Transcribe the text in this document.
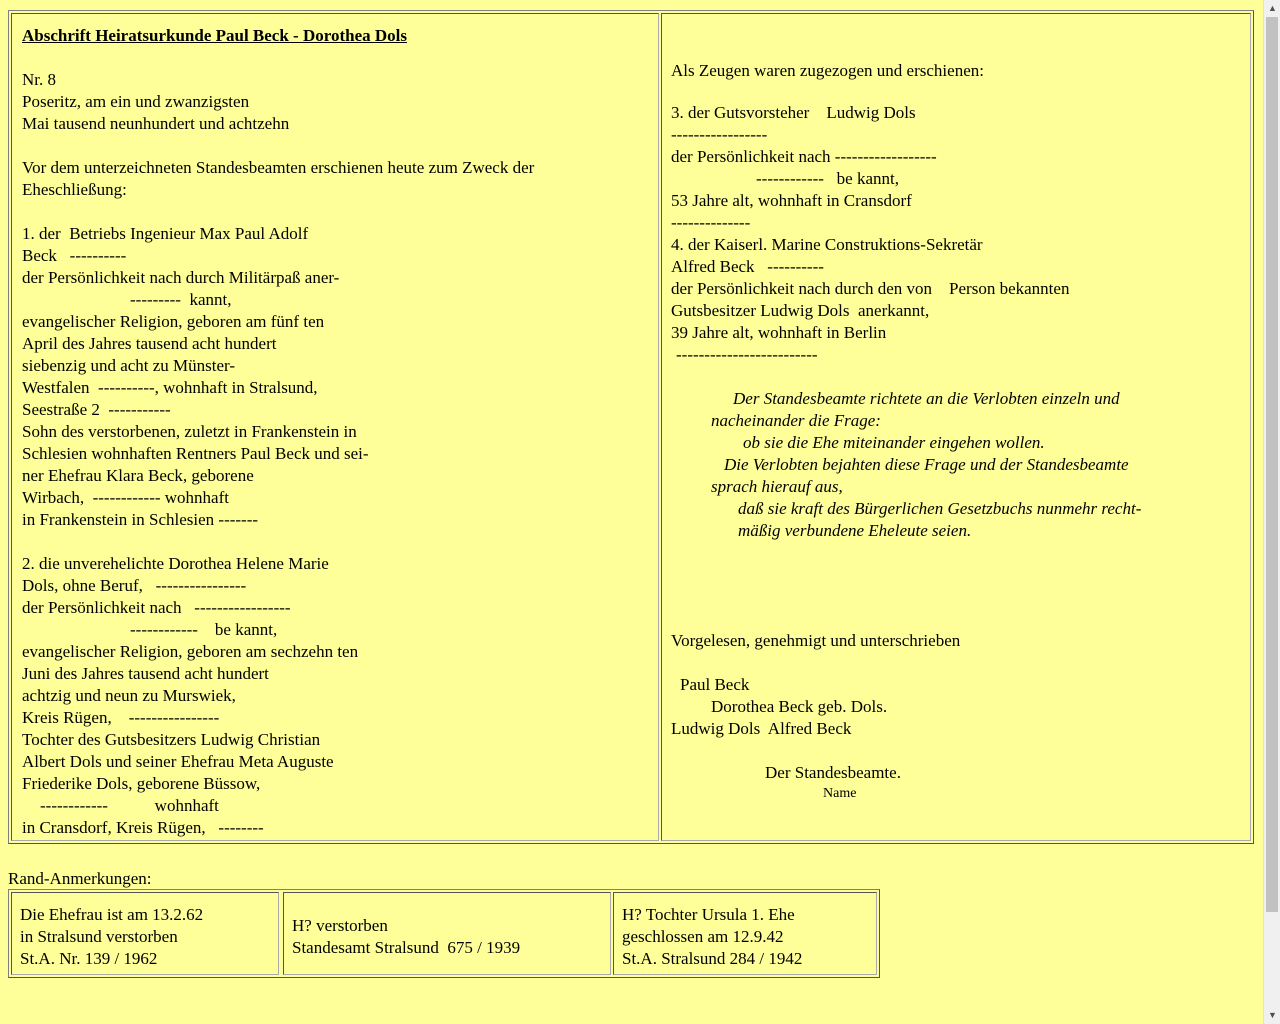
Abschrift Heiratsurkunde Paul Beck - Dorothea Dols
Nr. 8
Poseritz, am ein und zwanzigsten
Mai tausend neunhundert und achtzehn
Vor dem unterzeichneten Standesbeamten erschienen heute zum Zweck der
Eheschließung:
1. der  Betriebs Ingenieur Max Paul Adolf
Beck   ----------
der Persönlichkeit nach durch Militärpaß aner-
---------  kannt,
evangelischer Religion, geboren am fünf ten
April des Jahres tausend acht hundert
siebenzig und acht zu Münster-
Westfalen  ----------, wohnhaft in Stralsund,
Seestraße 2  -----------
Sohn des verstorbenen, zuletzt in Frankenstein in
Schlesien wohnhaften Rentners Paul Beck und sei-
ner Ehefrau Klara Beck, geborene
Wirbach,  ------------ wohnhaft
in Frankenstein in Schlesien -------
2. die unverehelichte Dorothea Helene Marie
Dols, ohne Beruf,   ----------------
der Persönlichkeit nach   -----------------
------------    be kannt,
evangelischer Religion, geboren am sechzehn ten
Juni des Jahres tausend acht hundert
achtzig und neun zu Murswiek,
Kreis Rügen,    ----------------
Tochter des Gutsbesitzers Ludwig Christian
Albert Dols und seiner Ehefrau Meta Auguste
Friederike Dols, geborene Büssow,
------------           wohnhaft
in Cransdorf, Kreis Rügen,   --------
Als Zeugen waren zugezogen und erschienen:
3. der Gutsvorsteher    Ludwig Dols
-----------------
der Persönlichkeit nach ------------------
------------   be kannt,
53 Jahre alt, wohnhaft in Cransdorf
--------------
4. der Kaiserl. Marine Construktions-Sekretär
Alfred Beck   ----------
der Persönlichkeit nach durch den von    Person bekannten
Gutsbesitzer Ludwig Dols  anerkannt,
39 Jahre alt, wohnhaft in Berlin
-------------------------
Der Standesbeamte richtete an die Verlobten einzeln und
nacheinander die Frage:
ob sie die Ehe miteinander eingehen wollen.
Die Verlobten bejahten diese Frage und der Standesbeamte
sprach hierauf aus,
daß sie kraft des Bürgerlichen Gesetzbuchs nunmehr recht-
mäßig verbundene Eheleute seien.
Vorgelesen, genehmigt und unterschrieben
Paul Beck
Dorothea Beck geb. Dols.
Ludwig Dols  Alfred Beck
Der Standesbeamte.
Name
Rand-Anmerkungen:
Die Ehefrau ist am 13.2.62
in Stralsund verstorben
St.A. Nr. 139 / 1962
H? verstorben
Standesamt Stralsund  675 / 1939
H? Tochter Ursula 1. Ehe
geschlossen am 12.9.42
St.A. Stralsund 284 / 1942
▲
▼
